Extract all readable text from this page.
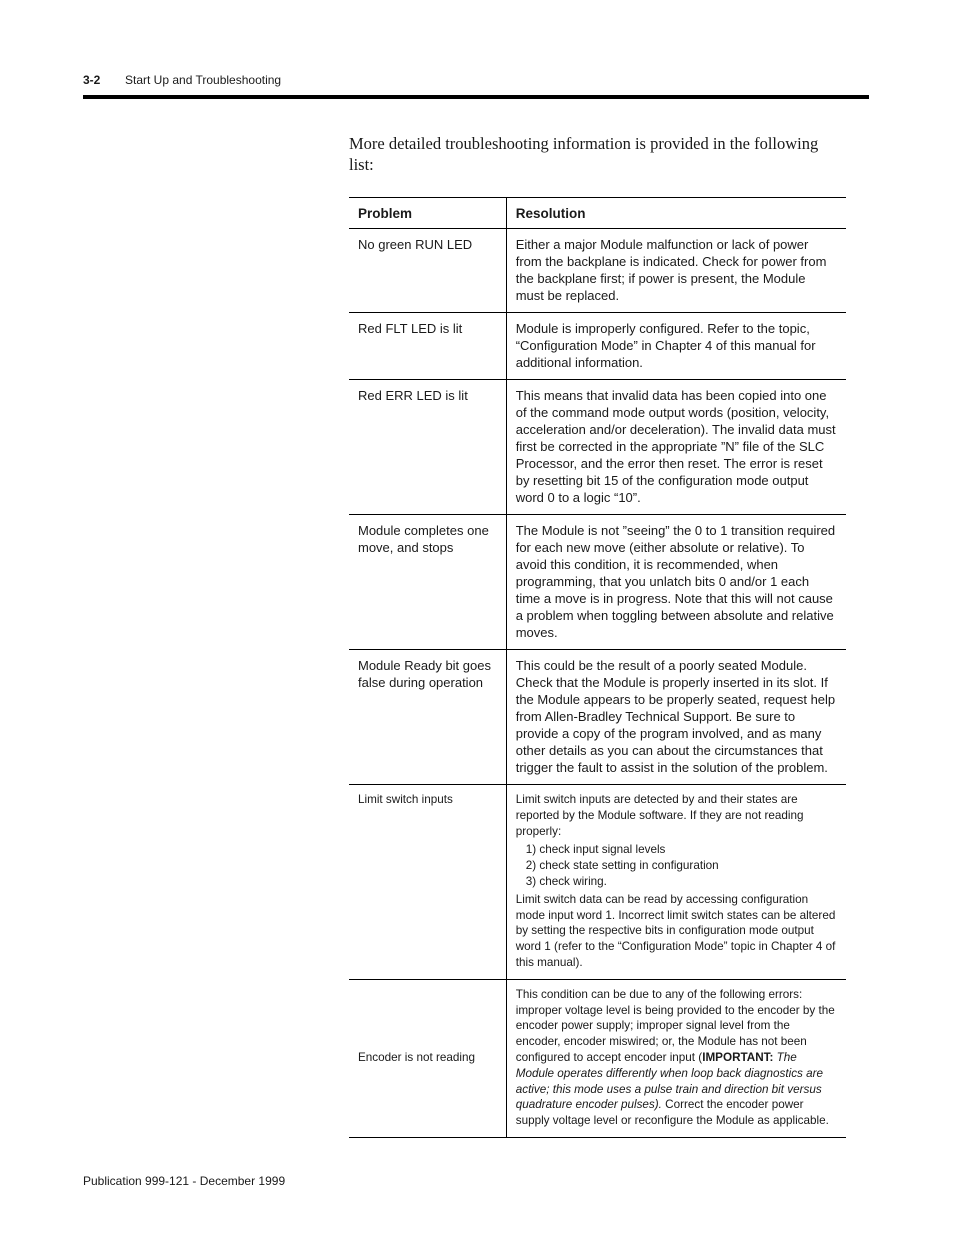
3-2 Start Up and Troubleshooting
More detailed troubleshooting information is provided in the following list:
Problem	Resolution
No green RUN LED	Either a major Module malfunction or lack of power from the backplane is indicated. Check for power from the backplane first; if power is present, the Module must be replaced.
Red FLT LED is lit	Module is improperly configured. Refer to the topic, “Configuration Mode” in Chapter 4 of this manual for additional information.
Red ERR LED is lit	This means that invalid data has been copied into one of the command mode output words (position, velocity, acceleration and/or deceleration). The invalid data must first be corrected in the appropriate ”N” file of the SLC Processor, and the error then reset. The error is reset by resetting bit 15 of the configuration mode output word 0 to a logic “10”.
Module completes one move, and stops	The Module is not ”seeing” the 0 to 1 transition required for each new move (either absolute or relative). To avoid this condition, it is recommended, when programming, that you unlatch bits 0 and/or 1 each time a move is in progress. Note that this will not cause a problem when toggling between absolute and relative moves.
Module Ready bit goes false during operation	This could be the result of a poorly seated Module. Check that the Module is properly inserted in its slot. If the Module appears to be properly seated, request help from Allen-Bradley Technical Support. Be sure to provide a copy of the program involved, and as many other details as you can about the circumstances that trigger the fault to assist in the solution of the problem.
Limit switch inputs	Limit switch inputs are detected by and their states are reported by the Module software. If they are not reading properly:
1) check input signal levels
2) check state setting in configuration
3) check wiring.
Limit switch data can be read by accessing configuration mode input word 1. Incorrect limit switch states can be altered by setting the respective bits in configuration mode output word 1 (refer to the “Configuration Mode” topic in Chapter 4 of this manual).

Encoder is not reading	This condition can be due to any of the following errors: improper voltage level is being provided to the encoder by the encoder power supply; improper signal level from the encoder, encoder miswired; or, the Module has not been configured to accept encoder input (IMPORTANT: The Module operates differently when loop back diagnostics are active; this mode uses a pulse train and direction bit versus quadrature encoder pulses). Correct the encoder power supply voltage level or reconfigure the Module as applicable.
Publication 999-121 - December 1999
